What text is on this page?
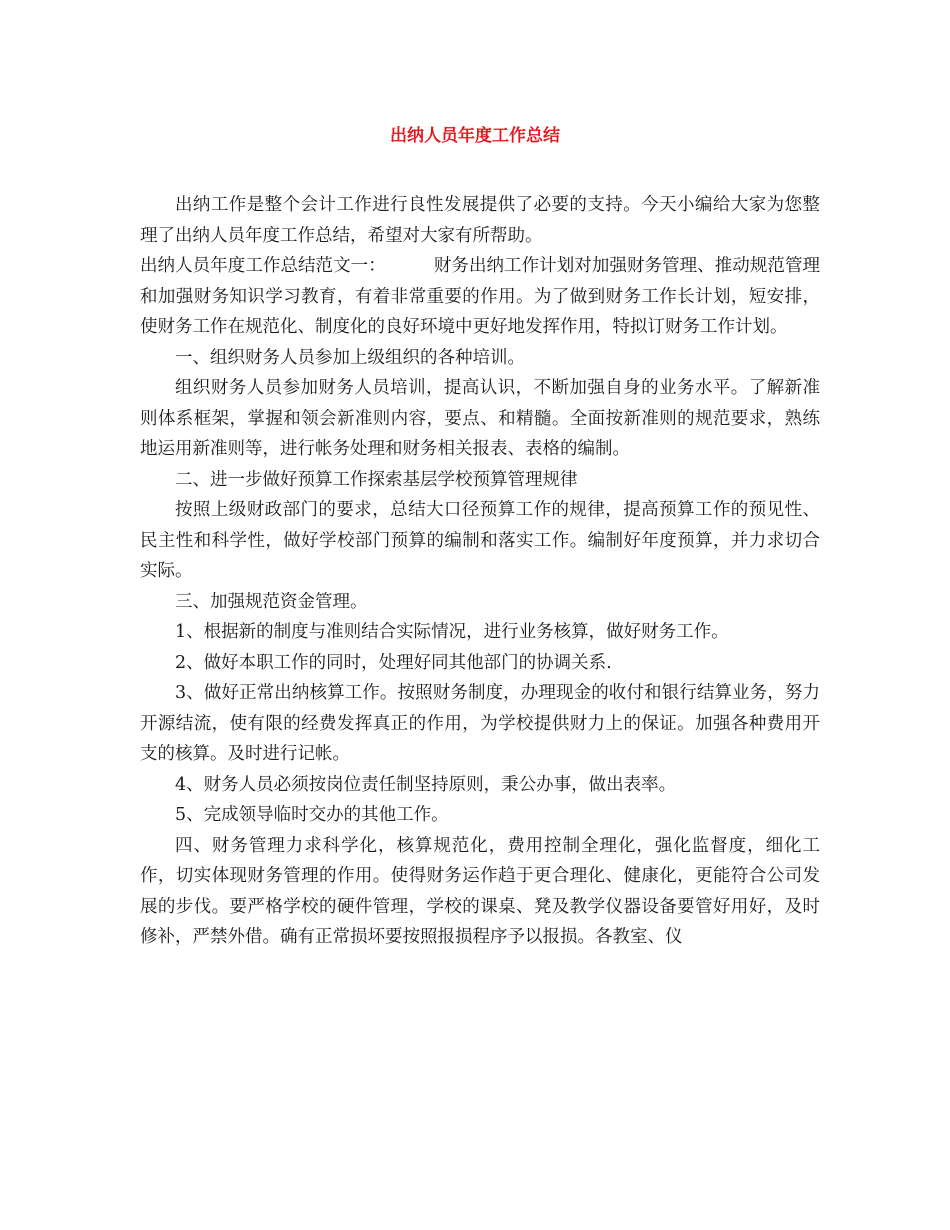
出纳人员年度工作总结

出纳工作是整个会计工作进行良性发展提供了必要的支持。今天小编给大家为您整理了出纳人员年度工作总结，希望对大家有所帮助。

出纳人员年度工作总结范文一：	财务出纳工作计划对加强财务管理、推动规范管理和加强财务知识学习教育，有着非常重要的作用。为了做到财务工作长计划，短安排，使财务工作在规范化、制度化的良好环境中更好地发挥作用，特拟订财务工作计划。

一、组织财务人员参加上级组织的各种培训。

组织财务人员参加财务人员培训，提高认识，不断加强自身的业务水平。了解新准则体系框架，掌握和领会新准则内容，要点、和精髓。全面按新准则的规范要求，熟练地运用新准则等，进行帐务处理和财务相关报表、表格的编制。

二、进一步做好预算工作探索基层学校预算管理规律

按照上级财政部门的要求，总结大口径预算工作的规律，提高预算工作的预见性、民主性和科学性，做好学校部门预算的编制和落实工作。编制好年度预算，并力求切合实际。

三、加强规范资金管理。

1、根据新的制度与准则结合实际情况，进行业务核算，做好财务工作。

2、做好本职工作的同时，处理好同其他部门的协调关系.

3、做好正常出纳核算工作。按照财务制度，办理现金的收付和银行结算业务，努力开源结流，使有限的经费发挥真正的作用，为学校提供财力上的保证。加强各种费用开支的核算。及时进行记帐。

4、财务人员必须按岗位责任制坚持原则，秉公办事，做出表率。

5、完成领导临时交办的其他工作。

四、财务管理力求科学化，核算规范化，费用控制全理化，强化监督度，细化工作，切实体现财务管理的作用。使得财务运作趋于更合理化、健康化，更能符合公司发展的步伐。要严格学校的硬件管理，学校的课桌、凳及教学仪器设备要管好用好，及时修补，严禁外借。确有正常损坏要按照报损程序予以报损。各教室、仪
